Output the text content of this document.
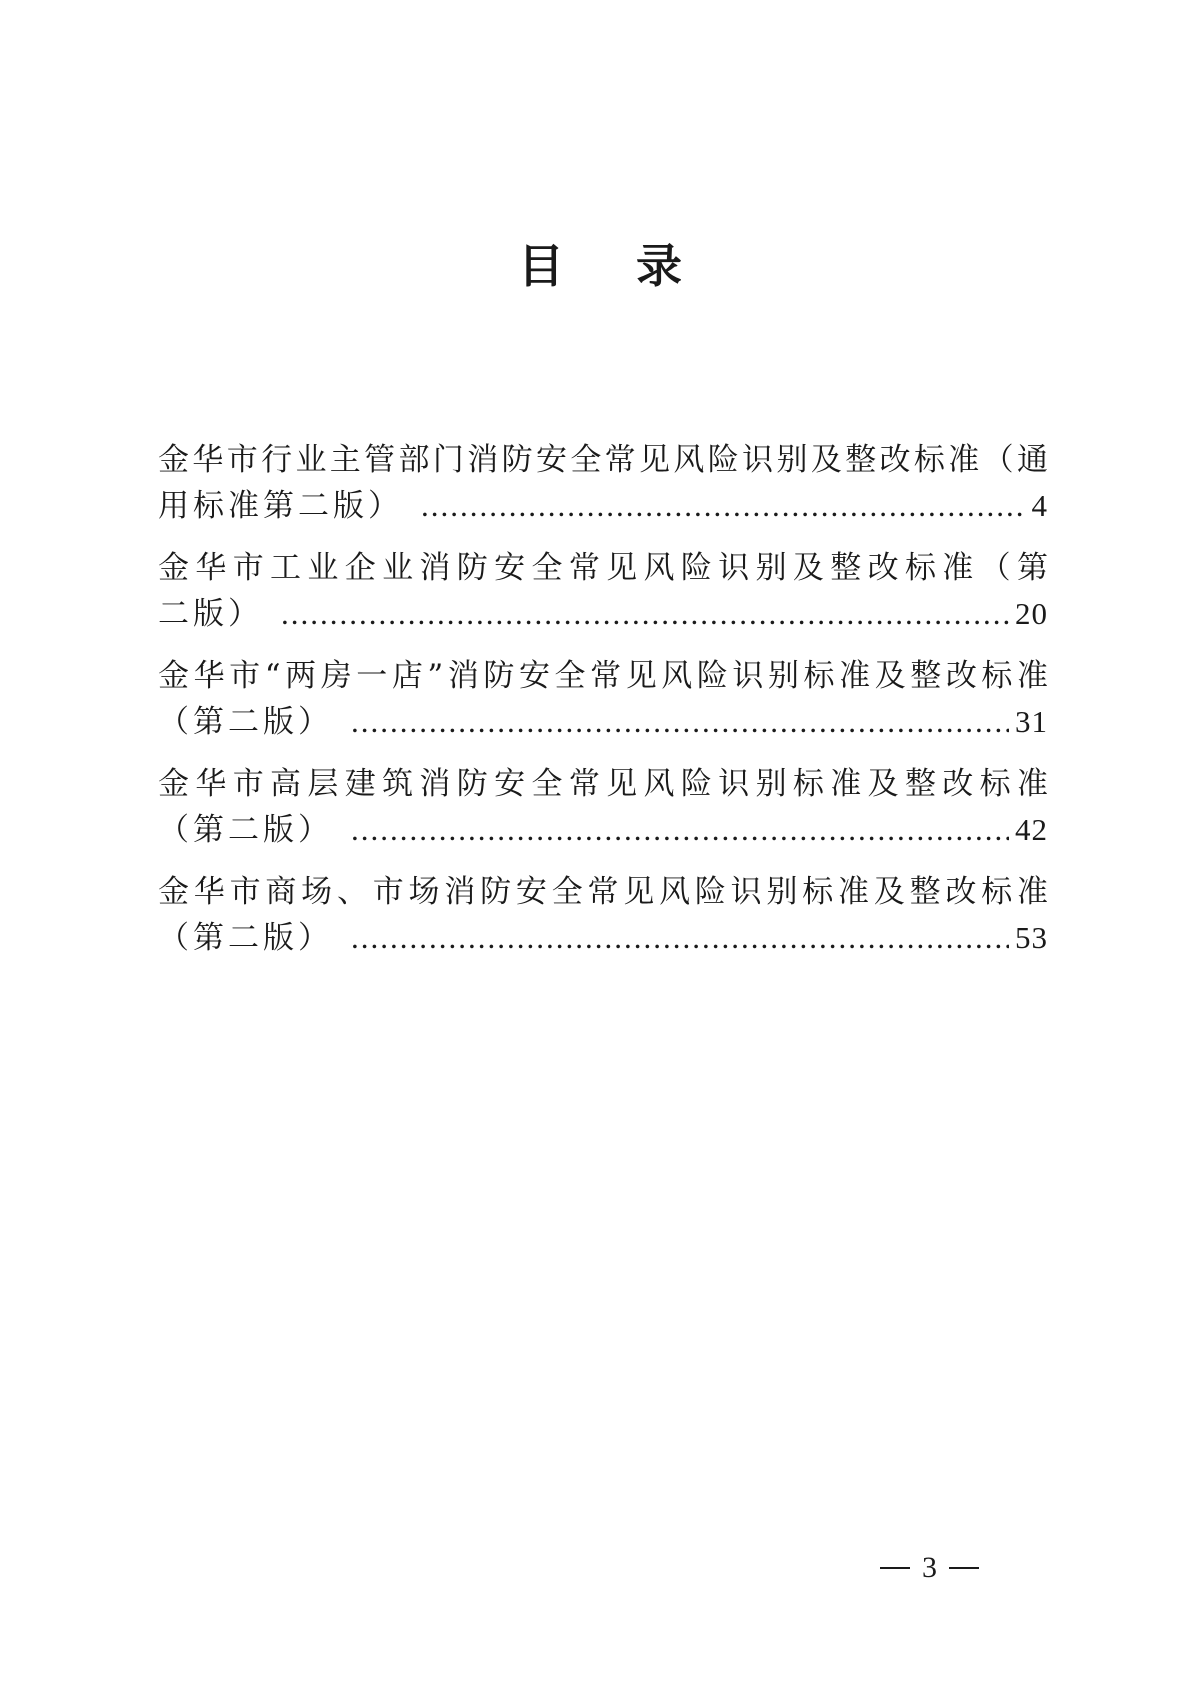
目 录
金华市行业主管部门消防安全常见风险识别及整改标准（通
用标准第二版） .....	4
金华市工业企业消防安全常见风险识别及整改标准（第
二版） .....	20
金华市“两房一店”消防安全常见风险识别标准及整改标准
（第二版） .....	31
金华市高层建筑消防安全常见风险识别标准及整改标准
（第二版） .....	42
金华市商场、市场消防安全常见风险识别标准及整改标准
（第二版） .....	53
3
